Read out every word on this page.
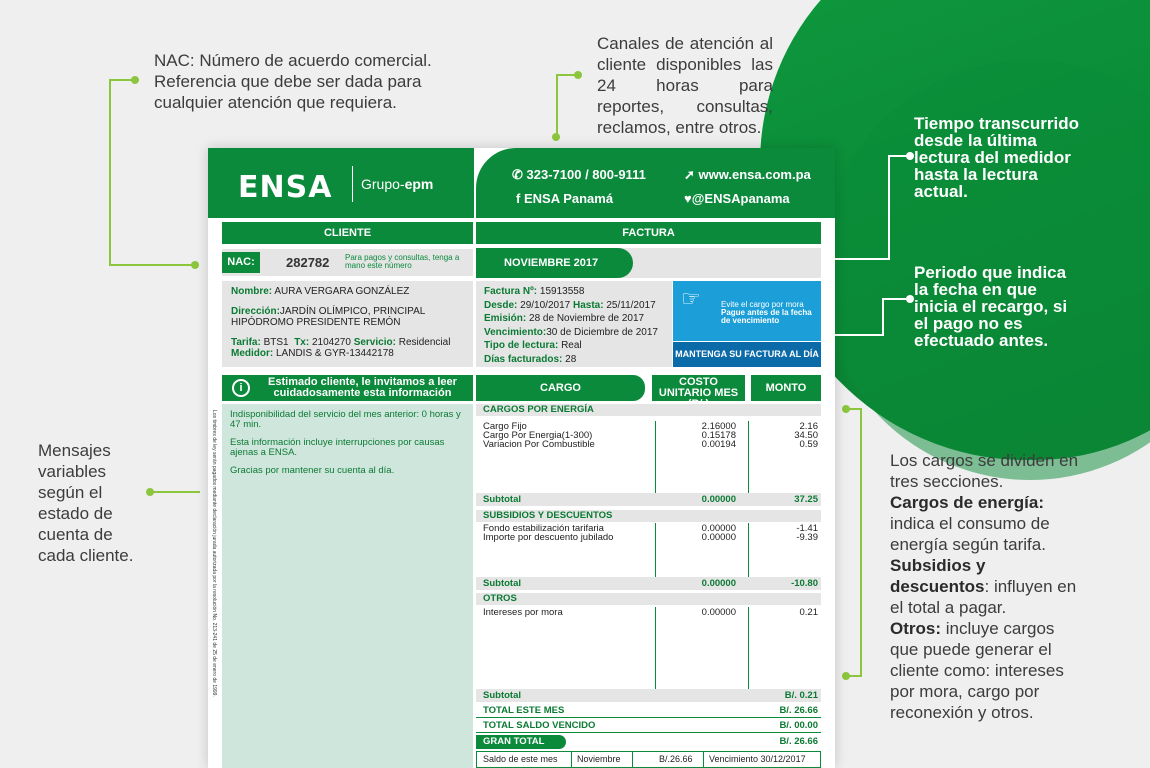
NAC: Número de acuerdo comercial. Referencia que debe ser dada para cualquier atención que requiera.
Canales de atención al cliente disponibles las 24 horas para reportes, consultas, reclamos, entre otros.
Mensajes variables según el estado de cuenta de cada cliente.
Los cargos se dividen en tres secciones.
Cargos de energía: indica el consumo de energía según tarifa.
Subsidios y descuentos: influyen en el total a pagar.
Otros: incluye cargos que puede generar el cliente como: intereses por mora, cargo por reconexión y otros.
Tiempo transcurrido desde la última lectura del medidor hasta la lectura actual.
Periodo que indica la fecha en que inicia el recargo, si el pago no es efectuado antes.
ENSA Grupo-epm
✆ 323-7100 / 800-9111	➚ www.ensa.com.pa
f ENSA Panamá	♥@ENSApanama
CLIENTE	FACTURA
NAC:	282782 Para pagos y consultas, tenga a mano este número	NOVIEMBRE 2017
Nombre: AURA VERGARA GONZÁLEZ
Dirección:JARDÍN OLÍMPICO, PRINCIPAL HIPÓDROMO PRESIDENTE REMÓN
Tarifa: BTS1 Tx: 2104270 Servicio: Residencial
Medidor: LANDIS & GYR-13442178
Factura Nº: 15913558
Desde: 29/10/2017 Hasta: 25/11/2017
Emisión: 28 de Noviembre de 2017
Vencimiento:30 de Diciembre de 2017
Tipo de lectura: Real
Días facturados: 28
☞	Evite el cargo por mora
Pague antes de la fecha de vencimiento
MANTENGA SU FACTURA AL DÍA
i	Estimado cliente, le invitamos a leer cuidadosamente esta información

Indisponibilidad del servicio del mes anterior: 0 horas y 47 min.

Esta información incluye interrupciones por causas ajenas a ENSA.

Gracias por mantener su cuenta al día.

Los timbres de ley serán pagados mediante declaración jurada autorizada por la resolución No. 213-241 de 25 de enero de 1999.
CARGO	COSTO UNITARIO MES	MONTO
CARGOS POR ENERGÍA
Cargo Fijo	2.16000	2.16
Cargo Por Energia(1-300)	0.15178	34.50
Variacion Por Combustible	0.00194	0.59
Subtotal	0.00000	37.25
SUBSIDIOS Y DESCUENTOS
Fondo estabilización tarifaria	0.00000	-1.41
Importe por descuento jubilado	0.00000	-9.39
Subtotal	0.00000	-10.80
OTROS
Intereses por mora	0.00000	0.21
Subtotal	B/. 0.21
TOTAL ESTE MES	B/. 26.66
TOTAL SALDO VENCIDO	B/. 00.00
GRAN TOTAL	B/. 26.66
Saldo de este mes Noviembre	B/.26.66 Vencimiento 30/12/2017
